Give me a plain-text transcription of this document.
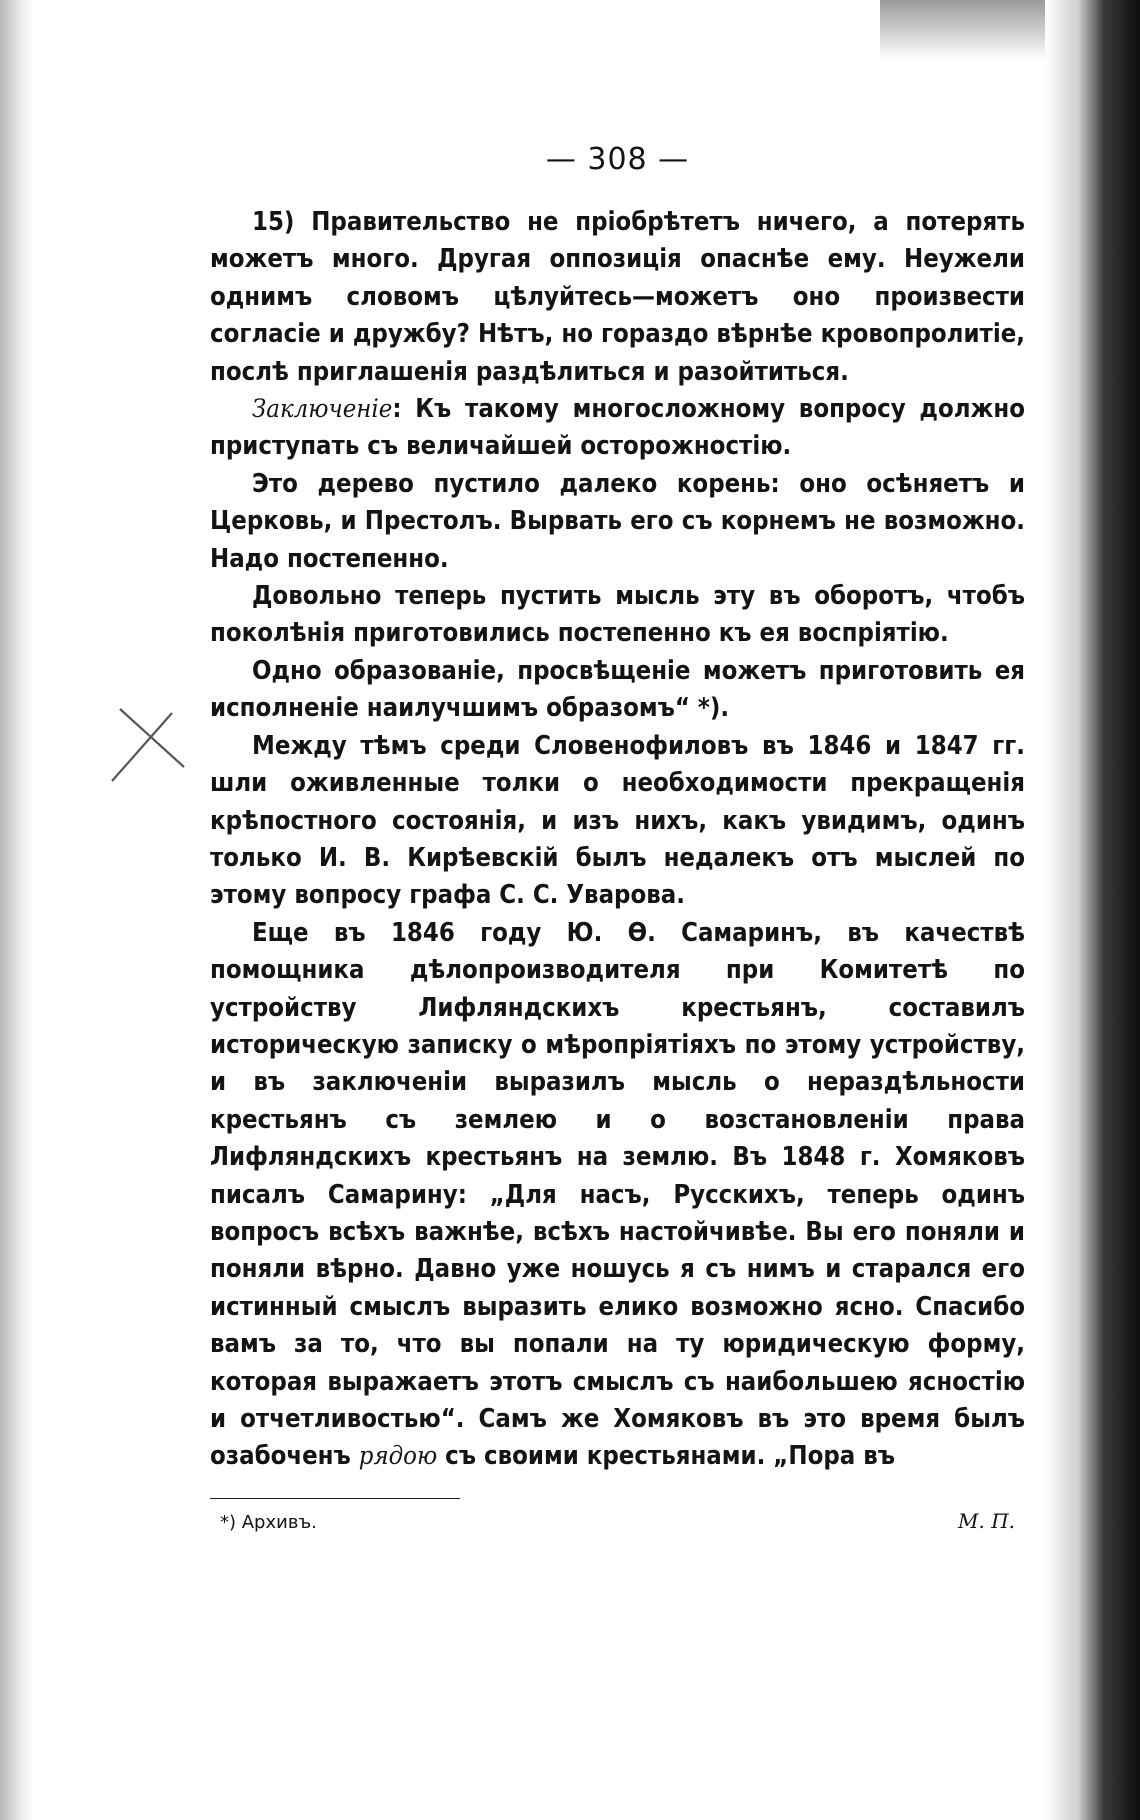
— 308 —

15) Правительство не пріобрѣтетъ ничего, а потерять можетъ много. Другая оппозиція опаснѣе ему. Неужели однимъ словомъ цѣлуйтесь—можетъ оно произвести согласіе и дружбу? Нѣтъ, но гораздо вѣрнѣе кровопролитіе, послѣ приглашенія раздѣлиться и разойтиться.

Заключеніе: Къ такому многосложному вопросу должно приступать съ величайшей осторожностію.

Это дерево пустило далеко корень: оно осѣняетъ и Церковь, и Престолъ. Вырвать его съ корнемъ не возможно. Надо постепенно.

Довольно теперь пустить мысль эту въ оборотъ, чтобъ поколѣнія приготовились постепенно къ ея воспріятію.

Одно образованіе, просвѣщеніе можетъ приготовить ея исполненіе наилучшимъ образомъ“ *).

Между тѣмъ среди Словенофиловъ въ 1846 и 1847 гг. шли оживленные толки о необходимости прекращенія крѣпостного состоянія, и изъ нихъ, какъ увидимъ, одинъ только И. В. Кирѣевскій былъ недалекъ отъ мыслей по этому вопросу графа С. С. Уварова.

Еще въ 1846 году Ю. Ѳ. Самаринъ, въ качествѣ помощника дѣлопроизводителя при Комитетѣ по устройству Лифляндскихъ крестьянъ, составилъ историческую записку о мѣропріятіяхъ по этому устройству, и въ заключеніи выразилъ мысль о нераздѣльности крестьянъ съ землею и о возстановленіи права Лифляндскихъ крестьянъ на землю. Въ 1848 г. Хомяковъ писалъ Самарину: „Для насъ, Русскихъ, теперь одинъ вопросъ всѣхъ важнѣе, всѣхъ настойчивѣе. Вы его поняли и поняли вѣрно. Давно уже ношусь я съ нимъ и старался его истинный смыслъ выразить елико возможно ясно. Спасибо вамъ за то, что вы попали на ту юридическую форму, которая выражаетъ этотъ смыслъ съ наибольшею ясностію и отчетливостью“. Самъ же Хомяковъ въ это время былъ озабоченъ рядою съ своими крестьянами. „Пора въ

*) Архивъ.	М. П.
